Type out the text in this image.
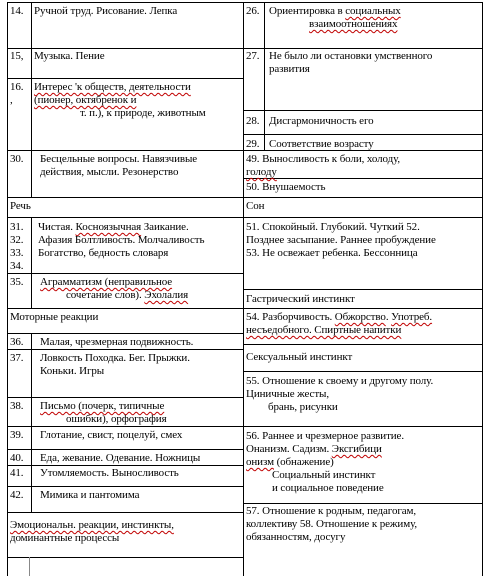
14. Ручной труд. Рисование. Лепка
15, Музыка. Пение
16.
,
Интерес 'к обществ, деятельности
(пионер, октябренок и
т. п.), к природе, животным
30. Бесцельные вопросы. Навязчивые
действия, мысли. Резонерство
Речь
31.
32.
33.
34.
Чистая. Косноязычная Заикание.
Афазия Болтливость. Молчаливость
Богатство, бедность словаря
35. Аграмматизм (неправильное
сочетание слов). Эхолалия
Моторные реакции
36. Малая, чрезмерная подвижность.
37. Ловкость Походка. Бег. Прыжки.
Коньки. Игры
38. Письмо (почерк, типичные
ошибки), орфография
39. Глотание, свист, поцелуй, смех
40. Еда, жевание. Одевание. Ножницы
41. Утомляемость. Выносливость
42. Мимика и пантомима
Эмоциональн. реакции, инстинкты,
доминантные процессы
26. Ориентировка в социальных
взаимоотношениях
27. Не было ли остановки умственного
развития
28. Дисгармоничность его
29. Соответствие возрасту
49. Выносливость к боли, холоду,
голоду
50. Внушаемость
Сон
51. Спокойный. Глубокий. Чуткий 52.
Позднее засыпание. Раннее пробуждение
53. Не освежает ребенка. Бессонница
Гастрический инстинкт
54. Разборчивость. Обжорство. Употреб.
несъедобного. Спиртные напитки
Сексуальный инстинкт
55. Отношение к своему и другому полу.
Циничные жесты,
брань, рисунки
56. Раннее и чрезмерное развитие.
Онанизм. Садизм. Эксгибици
онизм (обнажение)
Социальный инстинкт
и социальное поведение
57. Отношение к родным, педагогам,
коллективу 58. Отношение к режиму,
обязанностям, досугу
